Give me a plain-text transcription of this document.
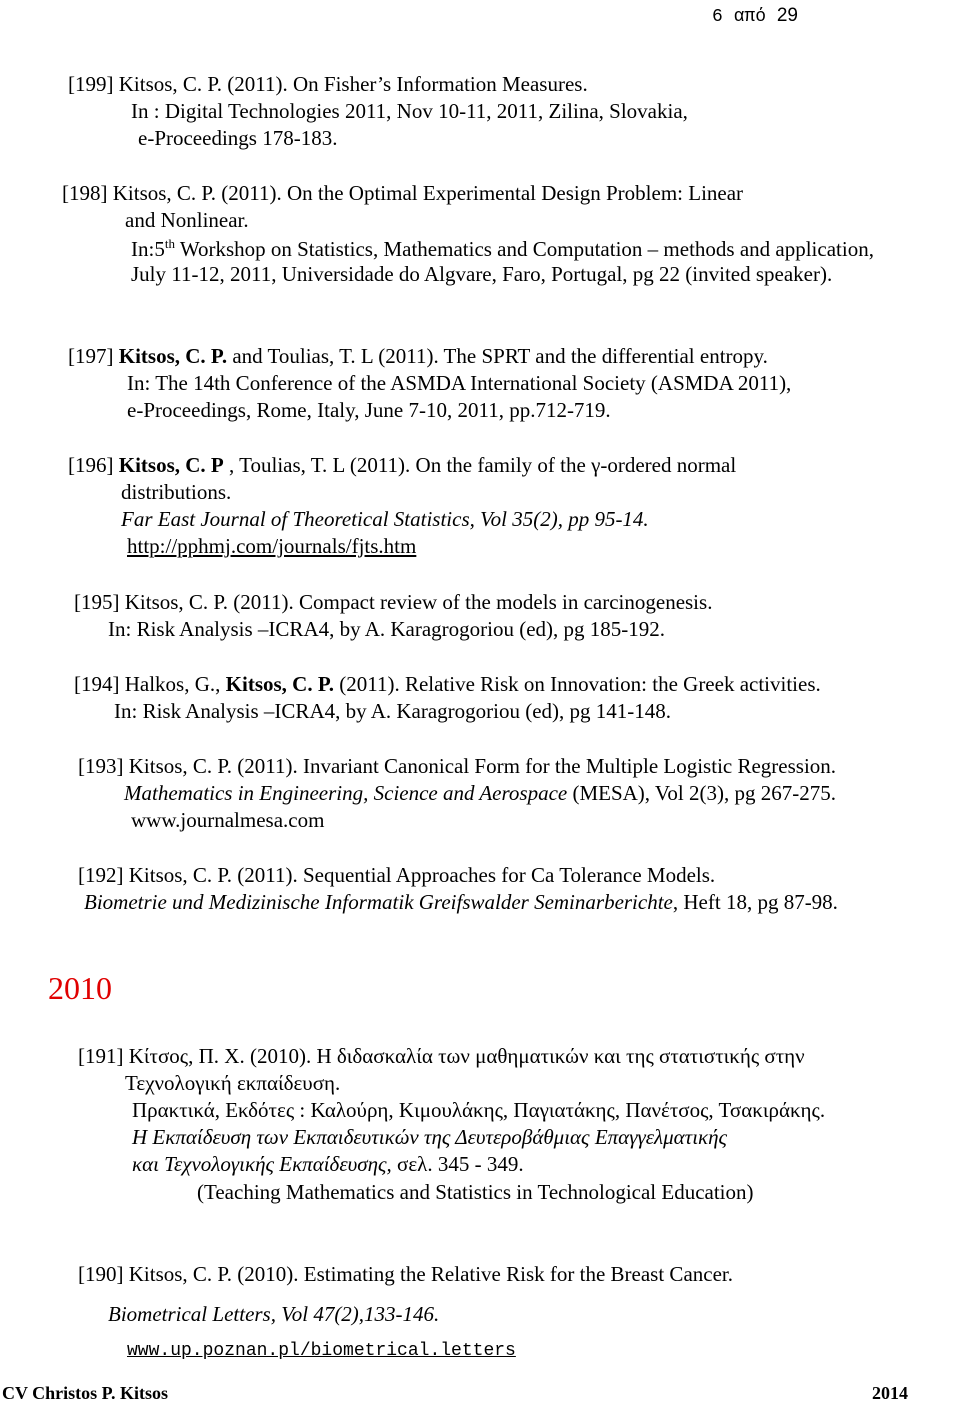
6 από 29
[199] Kitsos, C. P. (2011). On Fisher’s Information Measures.
In : Digital Technologies 2011, Nov 10-11, 2011, Zilina, Slovakia,
e-Proceedings 178-183.
[198] Kitsos, C. P. (2011). On the Optimal Experimental Design Problem: Linear
and Nonlinear.
In:5th Workshop on Statistics, Mathematics and Computation – methods and application,
July 11-12, 2011, Universidade do Algvare, Faro, Portugal, pg 22 (invited speaker).
[197] Kitsos, C. P. and Toulias, T. L (2011). The SPRT and the differential entropy.
In: The 14th Conference of the ASMDA International Society (ASMDA 2011),
e-Proceedings, Rome, Italy, June 7-10, 2011, pp.712-719.
[196] Kitsos, C. P , Toulias, T. L (2011). On the family of the γ-ordered normal
distributions.
Far East Journal of Theoretical Statistics, Vol 35(2), pp 95-14.
http://pphmj.com/journals/fjts.htm
[195] Kitsos, C. P. (2011). Compact review of the models in carcinogenesis.
In: Risk Analysis –ICRA4, by A. Karagrogoriou (ed), pg 185-192.
[194] Halkos, G., Kitsos, C. P. (2011). Relative Risk on Innovation: the Greek activities.
In: Risk Analysis –ICRA4, by A. Karagrogoriou (ed), pg 141-148.
[193] Kitsos, C. P. (2011). Invariant Canonical Form for the Multiple Logistic Regression.
Mathematics in Engineering, Science and Aerospace (MESA), Vol 2(3), pg 267-275.
www.journalmesa.com
[192] Kitsos, C. P. (2011). Sequential Approaches for Ca Tolerance Models.
Biometrie und Medizinische Informatik Greifswalder Seminarberichte, Heft 18, pg 87-98.
2010
[191] Κίτσος, Π. Χ. (2010). Η διδασκαλία των μαθηματικών και της στατιστικής στην
Τεχνολογική εκπαίδευση.
Πρακτικά, Εκδότες : Καλούρη, Κιμουλάκης, Παγιατάκης, Πανέτσος, Τσακιράκης.
Η Εκπαίδευση των Εκπαιδευτικών της Δευτεροβάθμιας Επαγγελματικής
και Τεχνολογικής Εκπαίδευσης, σελ. 345 - 349.
(Teaching Mathematics and Statistics in Technological Education)
[190] Kitsos, C. P. (2010). Estimating the Relative Risk for the Breast Cancer.
Biometrical Letters, Vol 47(2),133-146.
www.up.poznan.pl/biometrical.letters
CV Christos P. Kitsos	2014
